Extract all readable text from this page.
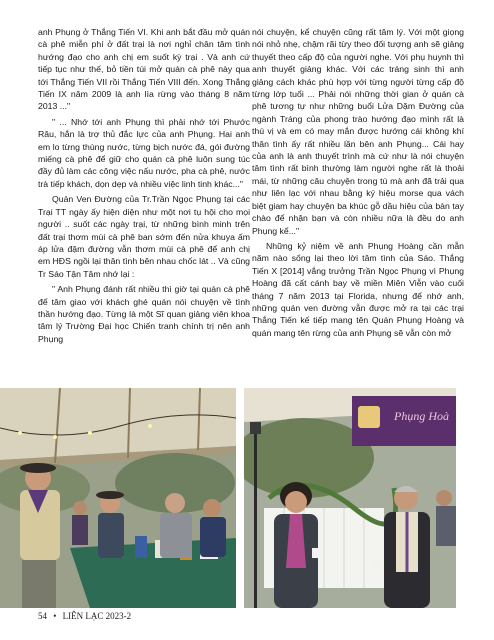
anh Phụng ở Thắng Tiến VI. Khi anh bắt đầu mở quán cà phê miễn phí ở đất trại là nơi nghỉ chân tâm tình hướng đạo cho anh chị em suốt kỳ trại . Và anh cứ tiếp tục như thế, bỏ tiền túi mở quán cà phê này qua tới Thắng Tiến VII rồi Thắng Tiến VIII đến. Xong Thắng Tiến IX năm 2009 là anh lìa rừng vào tháng 8 năm 2013 ..."

" ... Nhớ tới anh Phụng thì phải nhớ tới Phước Râu, hắn là trợ thủ đắc lực của anh Phụng. Hai anh em lo từng thùng nước, từng bịch nước đá, gói đường miếng cà phê để giữ cho quán cà phê luôn sung túc đầy đủ làm các công việc nấu nước, pha cà phê, nước trà tiếp khách, dọn dẹp và nhiều việc linh tinh khác..."

Quản Ven Đường của Tr.Trần Ngọc Phụng tại các Trại TT ngày ấy hiện diện như một nơi tụ hội cho mọi người .. suốt các ngày trại, từ những bình minh trên đất trại thơm mùi cà phê ban sớm đến nửa khuya ấm áp lửa đậm đường vẫn thơm mùi cà phê để anh chị em HĐS ngồi lại thân tình bên nhau chốc lát .. Và cũng Tr Sáo Tận Tâm nhớ lại :

" Anh Phụng đánh rất nhiều thì giờ tại quán cà phê để tâm giao với khách ghé quán nói chuyện về tình thần hướng đạo. Từng là một Sĩ quan giảng viên khoa tâm lý Trường Đại học Chiến tranh chính trị nên anh Phụng

nói chuyện, kể chuyện cũng rất tâm lý. Với một giọng nói nhỏ nhẹ, chậm rãi từy theo đối tượng anh sẽ giảng thuyết theo cấp độ của người nghe. Với phụ huynh thì anh thuyết giảng khác. Với các tráng sinh thì anh giảng cách khác phù hợp với từng người từng cấp độ từng lớp tuổi ... Phải nói những thời gian ở quán cà phê tương tự như những buổi Lửa Dặm Đường của ngành Tráng của phong trào hướng đạo mình rất là thú vị và em có may mắn được hướng cái không khí thân tình ấy rất nhiều lần bên anh Phụng... Cái hay của anh là anh thuyết trình mà cứ như là nói chuyện tâm tình rất bình thường làm người nghe rất là thoải mái, từ những câu chuyện trong tù mà anh đã trải qua như liên lạc với nhau bằng ký hiệu morse qua vách biệt giam hay chuyện ba khúc gỗ dầu hiệu của bàn tay chào để nhận bạn và còn nhiều nữa là đều do anh Phụng kể..."

Những kỷ niệm về anh Phụng Hoàng cần mẫn năm nào sống lại theo lời tâm tình của Sáo. Thắng Tiến X [2014] vắng trưởng Trần Ngọc Phụng vì Phụng Hoàng đã cất cánh bay về miền Miên Viễn vào cuối tháng 7 năm 2013 tại Florida, nhưng để nhớ anh, những quán ven đường vẫn được mở ra tại các trại Thắng Tiến kế tiếp mang tên Quán Phụng Hoàng và quán mang tên rừng của anh Phụng sẽ vẫn còn mở

Phụng Hoà
54 • LIÊN LẠC 2023-2
